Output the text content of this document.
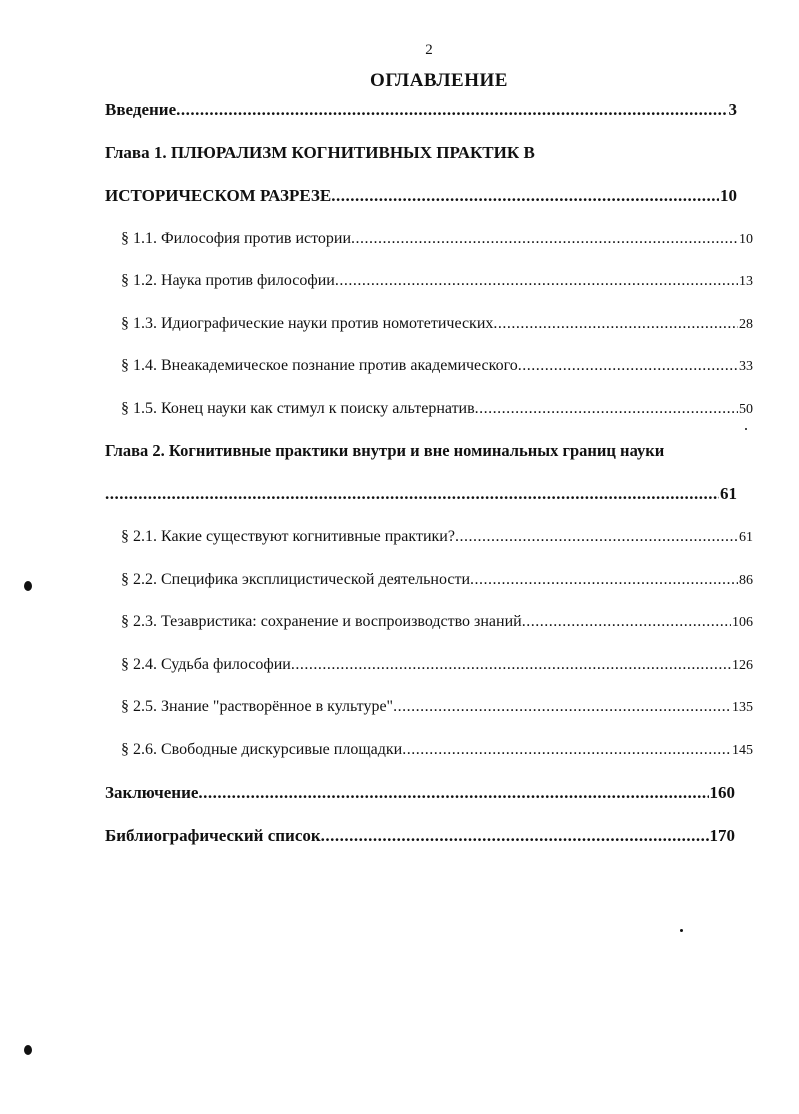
2
ОГЛАВЛЕНИЕ
Введение .....	3
Глава 1. ПЛЮРАЛИЗМ КОГНИТИВНЫХ ПРАКТИК В
ИСТОРИЧЕСКОМ РАЗРЕЗЕ .....	10
§ 1.1. Философия против истории .....	10
§ 1.2. Наука против философии .....	13
§ 1.3. Идиографические науки против номотетических .....	28
§ 1.4. Внеакадемическое познание против академического .....	33
§ 1.5. Конец науки как стимул к поиску альтернатив .....	50
Глава 2. Когнитивные практики внутри и вне номинальных границ науки
.....
61
§ 2.1. Какие существуют когнитивные практики? .....	61
§ 2.2. Специфика эксплицистической деятельности .....	86
§ 2.3. Тезавристика: сохранение и воспроизводство знаний .....	106
§ 2.4. Судьба философии .....	126
§ 2.5. Знание "растворённое в культуре" .....	135
§ 2.6. Свободные дискурсивые площадки .....	145
Заключение .....	160
Библиографический список .....	170
